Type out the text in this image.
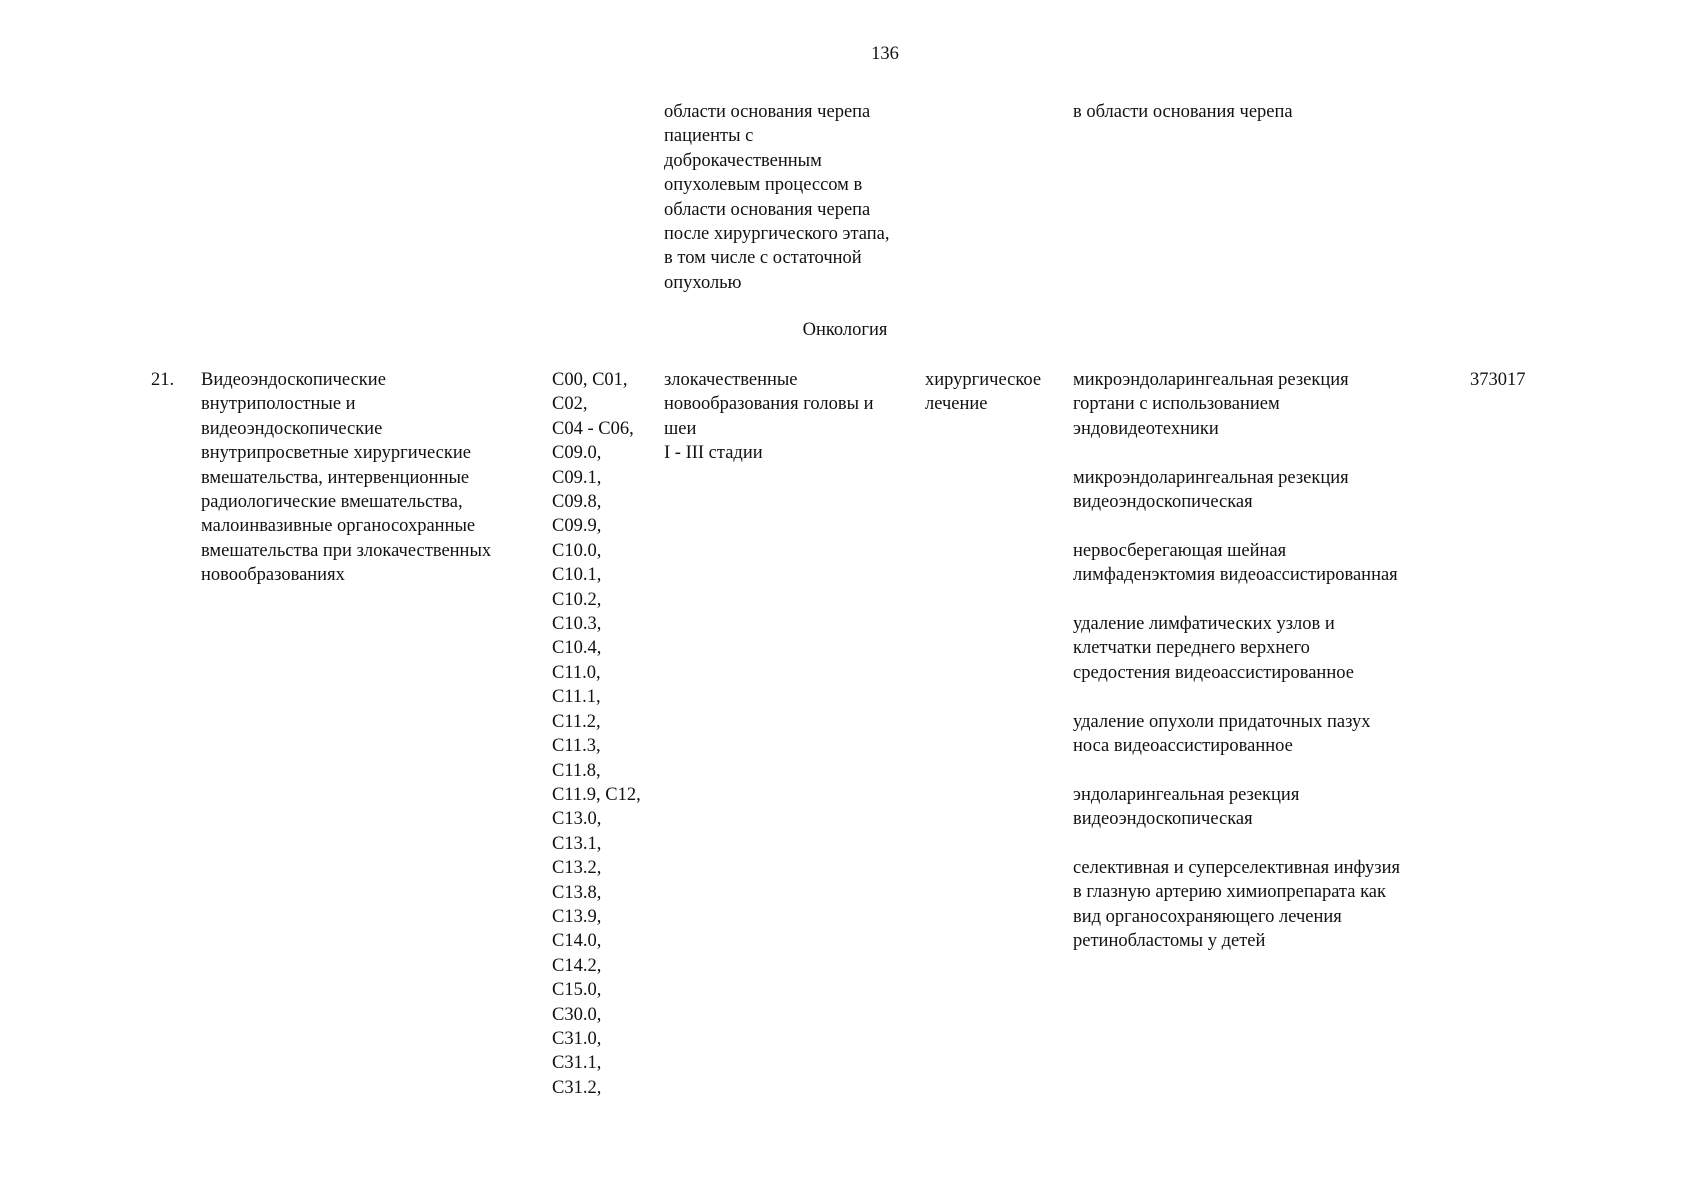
136
области основания черепа
пациенты с
доброкачественным
опухолевым процессом в
области основания черепа
после хирургического этапа,
в том числе с остаточной
опухолью
в области основания черепа
Онкология
21. Видеоэндоскопические
внутриполостные и
видеоэндоскопические
внутрипросветные хирургические
вмешательства, интервенционные
радиологические вмешательства,
малоинвазивные органосохранные
вмешательства при злокачественных
новообразованиях
C00, C01,
C02,
C04 - C06,
C09.0,
C09.1,
C09.8,
C09.9,
C10.0,
C10.1,
C10.2,
C10.3,
C10.4,
C11.0,
C11.1,
C11.2,
C11.3,
C11.8,
C11.9, C12,
C13.0,
C13.1,
C13.2,
C13.8,
C13.9,
C14.0,
C14.2,
C15.0,
C30.0,
C31.0,
C31.1,
C31.2,
злокачественные
новообразования головы и
шеи
I - III стадии
хирургическое
лечение
микроэндоларингеальная резекция
гортани с использованием
эндовидеотехники
микроэндоларингеальная резекция
видеоэндоскопическая
нервосберегающая шейная
лимфаденэктомия видеоассистированная
удаление лимфатических узлов и
клетчатки переднего верхнего
средостения видеоассистированное
удаление опухоли придаточных пазух
носа видеоассистированное
эндоларингеальная резекция
видеоэндоскопическая
селективная и суперселективная инфузия
в глазную артерию химиопрепарата как
вид органосохраняющего лечения
ретинобластомы у детей
373017
